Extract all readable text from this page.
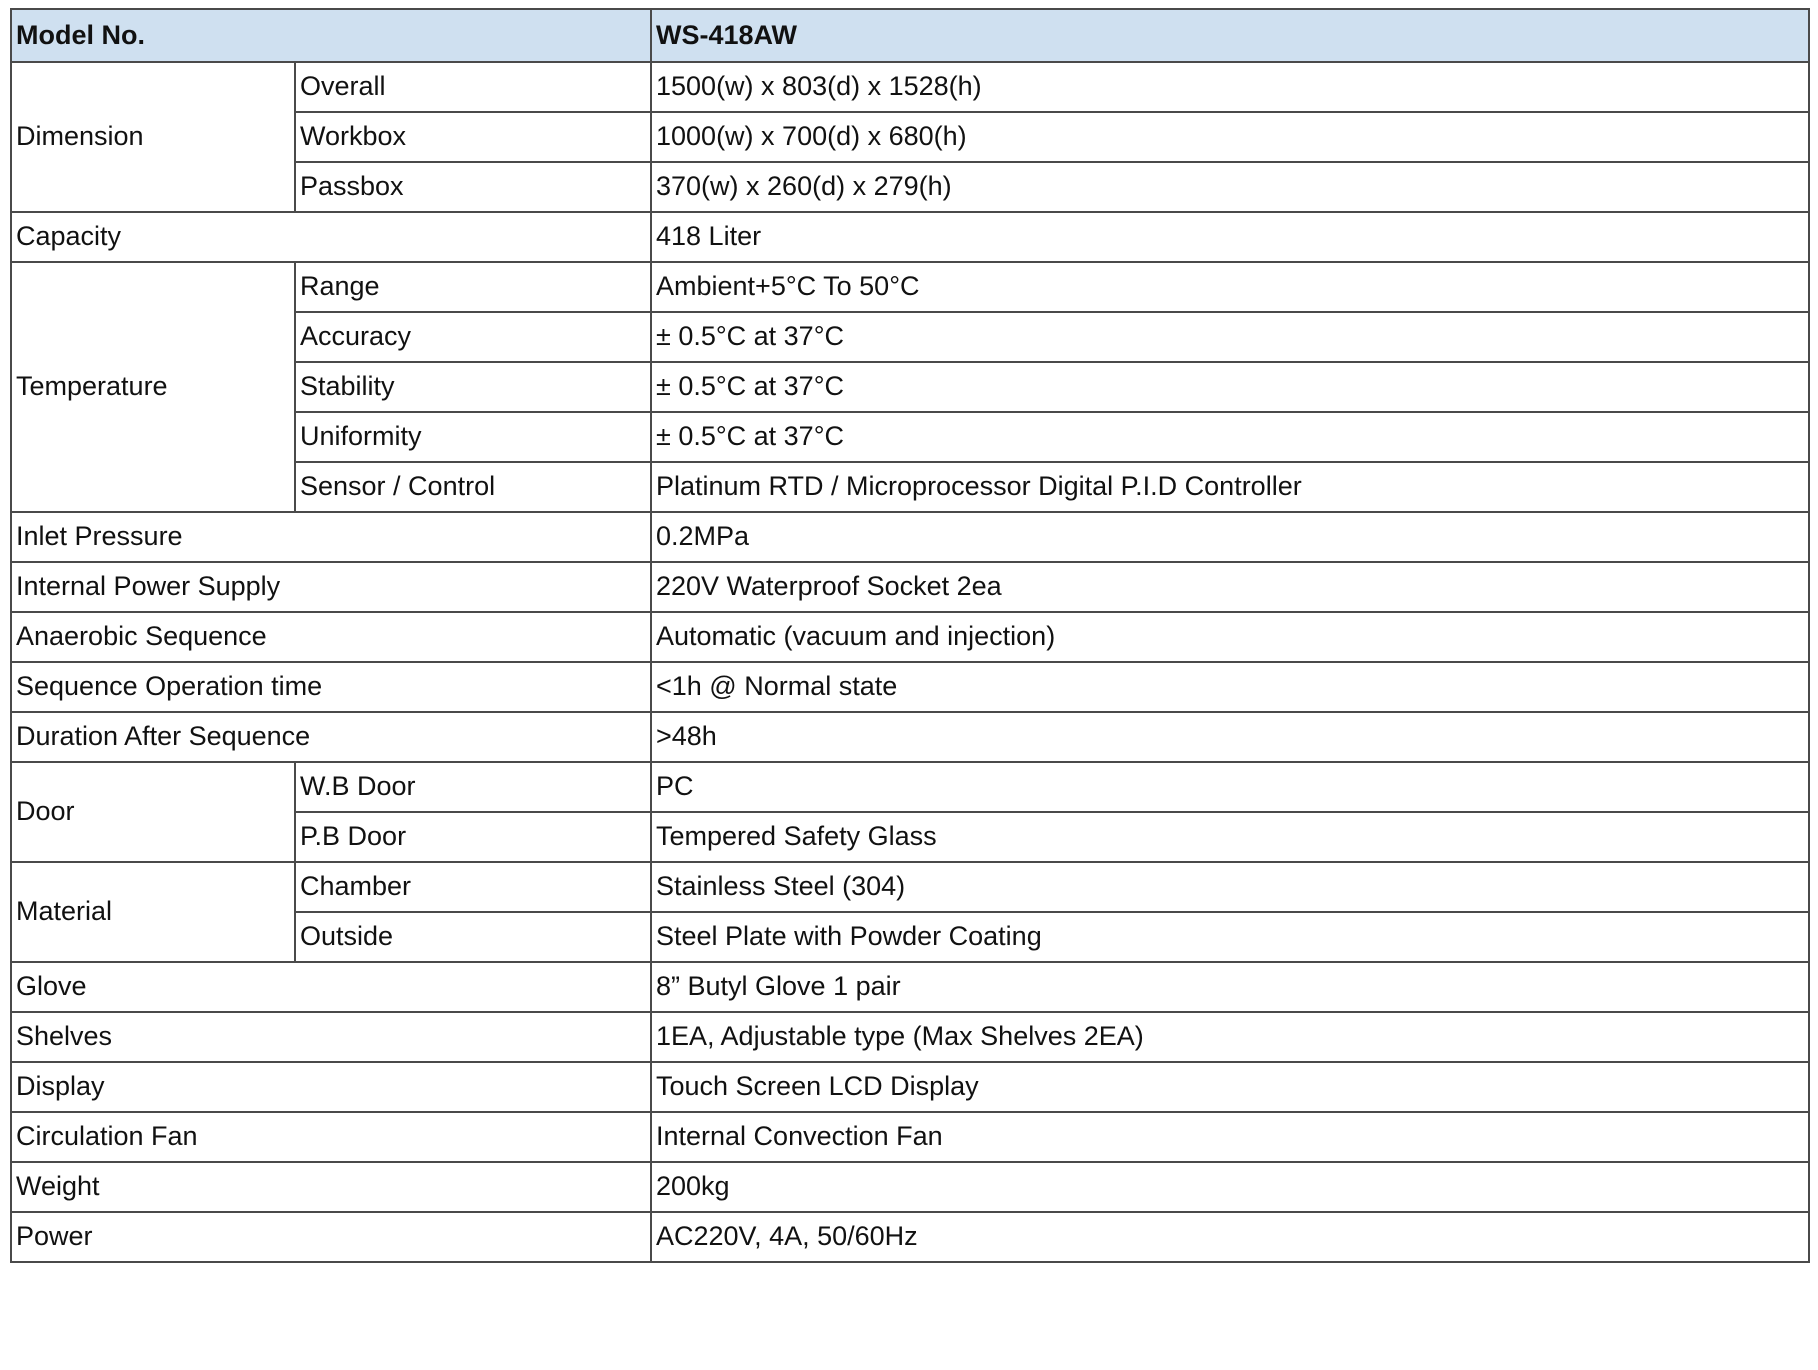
Model No.		WS-418AW
Dimension	Overall	1500(w) x 803(d) x 1528(h)
	Workbox	1000(w) x 700(d) x 680(h)
	Passbox	370(w) x 260(d) x 279(h)
Capacity		418 Liter
Temperature	Range	Ambient+5°C To 50°C
	Accuracy	± 0.5°C at 37°C
	Stability	± 0.5°C at 37°C
	Uniformity	± 0.5°C at 37°C
	Sensor / Control	Platinum RTD / Microprocessor Digital P.I.D Controller
Inlet Pressure		0.2MPa
Internal Power Supply		220V Waterproof Socket 2ea
Anaerobic Sequence		Automatic (vacuum and injection)
Sequence Operation time		<1h @ Normal state
Duration After Sequence		>48h
Door	W.B Door	PC
	P.B Door	Tempered Safety Glass
Material	Chamber	Stainless Steel (304)
	Outside	Steel Plate with Powder Coating
Glove		8” Butyl Glove 1 pair
Shelves		1EA, Adjustable type (Max Shelves 2EA)
Display		Touch Screen LCD Display
Circulation Fan		Internal Convection Fan
Weight		200kg
Power		AC220V, 4A, 50/60Hz
